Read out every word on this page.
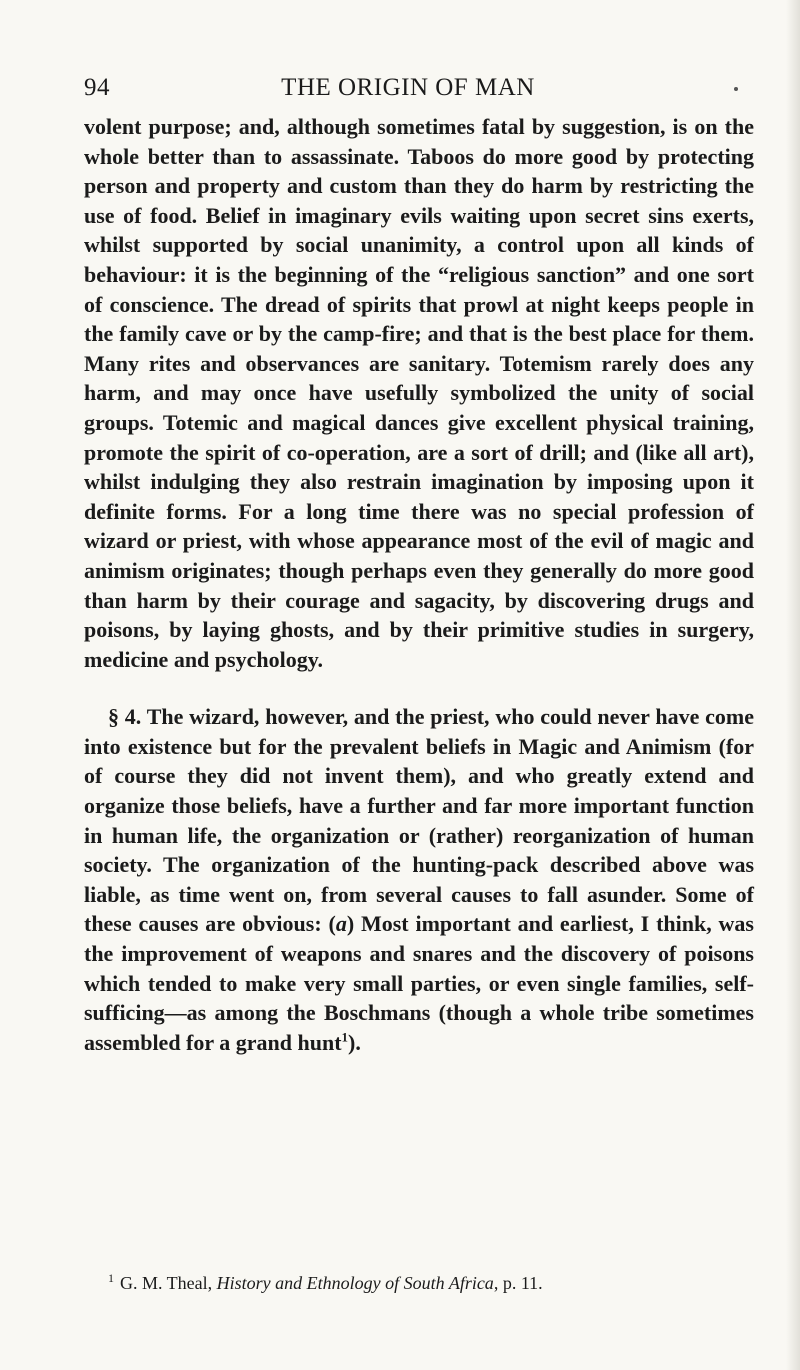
94	THE ORIGIN OF MAN

volent purpose; and, although sometimes fatal by suggestion, is on the whole better than to assassinate. Taboos do more good by protecting person and property and custom than they do harm by restricting the use of food. Belief in imaginary evils waiting upon secret sins exerts, whilst supported by social unanimity, a control upon all kinds of behaviour: it is the beginning of the “religious sanction” and one sort of conscience. The dread of spirits that prowl at night keeps people in the family cave or by the camp-fire; and that is the best place for them. Many rites and observances are sanitary. Totemism rarely does any harm, and may once have usefully symbolized the unity of social groups. Totemic and magical dances give excellent physical training, promote the spirit of co-operation, are a sort of drill; and (like all art), whilst indulging they also restrain imagination by imposing upon it definite forms. For a long time there was no special profession of wizard or priest, with whose appearance most of the evil of magic and animism originates; though perhaps even they generally do more good than harm by their courage and sagacity, by discovering drugs and poisons, by laying ghosts, and by their primitive studies in surgery, medicine and psychology.

§ 4. The wizard, however, and the priest, who could never have come into existence but for the prevalent beliefs in Magic and Animism (for of course they did not invent them), and who greatly extend and organize those beliefs, have a further and far more important function in human life, the organization or (rather) reorganization of human society. The organization of the hunting-pack described above was liable, as time went on, from several causes to fall asunder. Some of these causes are obvious: (a) Most important and earliest, I think, was the improvement of weapons and snares and the discovery of poisons which tended to make very small parties, or even single families, self-sufficing—as among the Boschmans (though a whole tribe sometimes assembled for a grand hunt$^1$).

$^1$ G. M. Theal, History and Ethnology of South Africa, p. 11.
